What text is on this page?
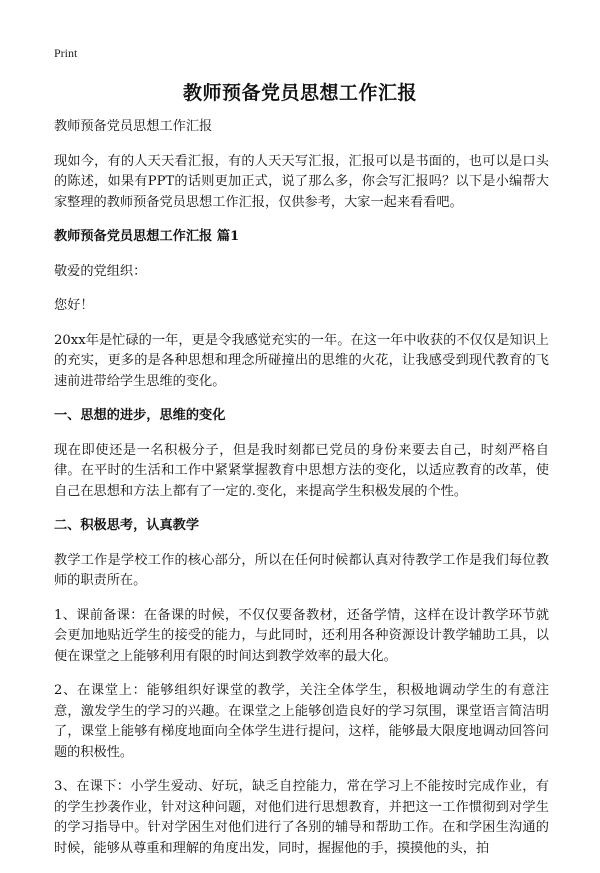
Print
教师预备党员思想工作汇报

教师预备党员思想工作汇报

现如今，有的人天天看汇报，有的人天天写汇报，汇报可以是书面的，也可以是口头的陈述，如果有PPT的话则更加正式，说了那么多，你会写汇报吗？以下是小编帮大家整理的教师预备党员思想工作汇报，仅供参考，大家一起来看看吧。

教师预备党员思想工作汇报 篇1

敬爱的党组织：

您好！

20xx年是忙碌的一年，更是令我感觉充实的一年。在这一年中收获的不仅仅是知识上的充实，更多的是各种思想和理念所碰撞出的思维的火花，让我感受到现代教育的飞速前进带给学生思维的变化。

一、思想的进步，思维的变化

现在即使还是一名积极分子，但是我时刻都已党员的身份来要去自己，时刻严格自律。在平时的生活和工作中紧紧掌握教育中思想方法的变化，以适应教育的改革，使自己在思想和方法上都有了一定的.变化，来提高学生积极发展的个性。

二、积极思考，认真教学

教学工作是学校工作的核心部分，所以在任何时候都认真对待教学工作是我们每位教师的职责所在。

1、课前备课：在备课的时候，不仅仅要备教材，还备学情，这样在设计教学环节就会更加地贴近学生的接受的能力，与此同时，还利用各种资源设计教学辅助工具，以便在课堂之上能够利用有限的时间达到教学效率的最大化。

2、在课堂上：能够组织好课堂的教学，关注全体学生，积极地调动学生的有意注意，激发学生的学习的兴趣。在课堂之上能够创造良好的学习氛围，课堂语言简洁明了，课堂上能够有梯度地面向全体学生进行提问，这样，能够最大限度地调动回答问题的积极性。

3、在课下：小学生爱动、好玩，缺乏自控能力，常在学习上不能按时完成作业，有的学生抄袭作业，针对这种问题，对他们进行思想教育，并把这一工作惯彻到对学生的学习指导中。针对学困生对他们进行了各别的辅导和帮助工作。在和学困生沟通的时候，能够从尊重和理解的角度出发，同时，握握他的手，摸摸他的头，拍
